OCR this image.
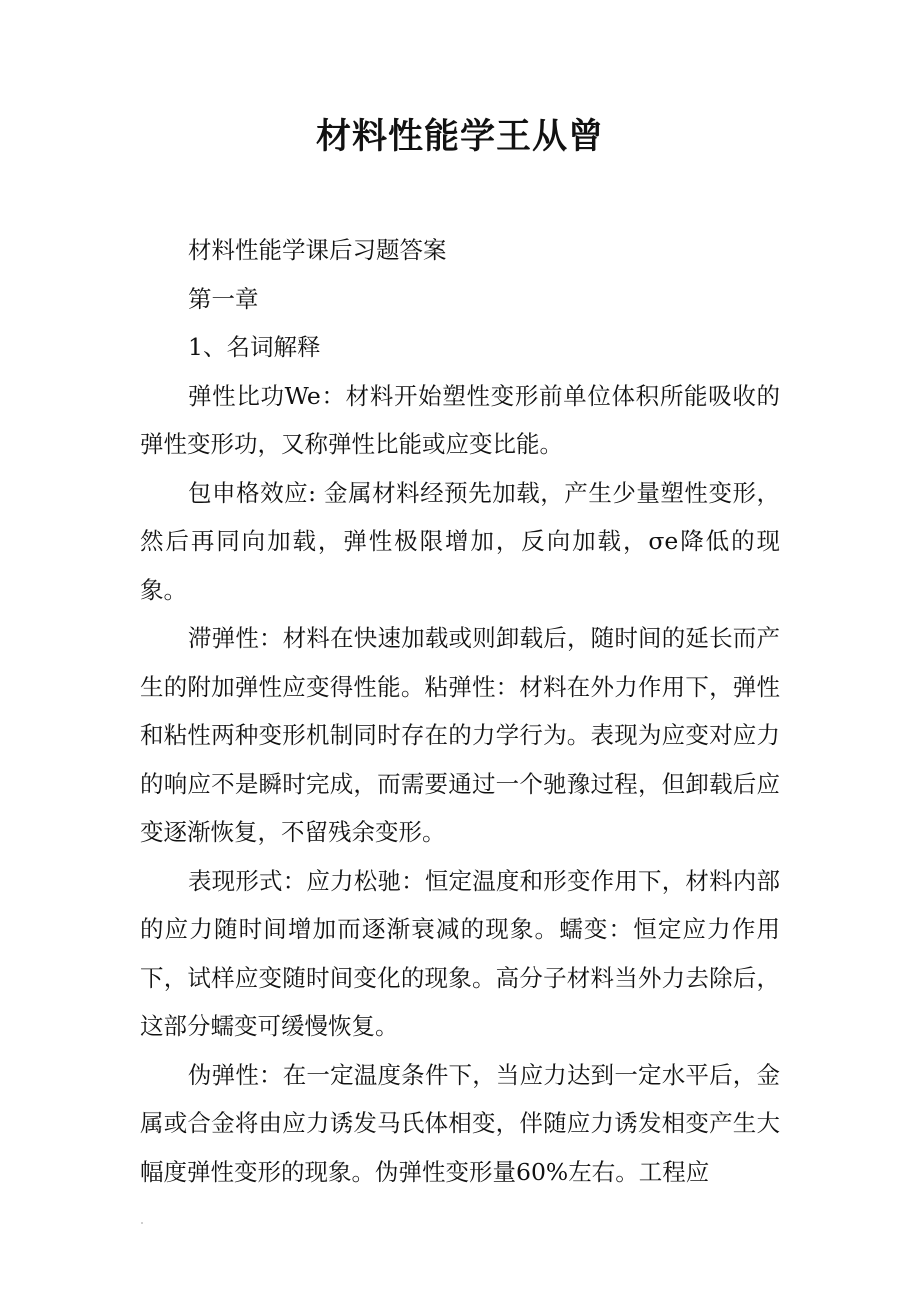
材料性能学王从曾

材料性能学课后习题答案

第一章

1、名词解释

弹性比功We：材料开始塑性变形前单位体积所能吸收的弹性变形功，又称弹性比能或应变比能。

包申格效应: 金属材料经预先加载，产生少量塑性变形，然后再同向加载，弹性极限增加，反向加载，σe降低的现象。

滞弹性：材料在快速加载或则卸载后，随时间的延长而产生的附加弹性应变得性能。粘弹性：材料在外力作用下，弹性和粘性两种变形机制同时存在的力学行为。表现为应变对应力的响应不是瞬时完成，而需要通过一个驰豫过程，但卸载后应变逐渐恢复，不留残余变形。

表现形式：应力松驰：恒定温度和形变作用下，材料内部的应力随时间增加而逐渐衰减的现象。蠕变：恒定应力作用下，试样应变随时间变化的现象。高分子材料当外力去除后，这部分蠕变可缓慢恢复。

伪弹性：在一定温度条件下，当应力达到一定水平后，金属或合金将由应力诱发马氏体相变，伴随应力诱发相变产生大幅度弹性变形的现象。伪弹性变形量60%左右。工程应
